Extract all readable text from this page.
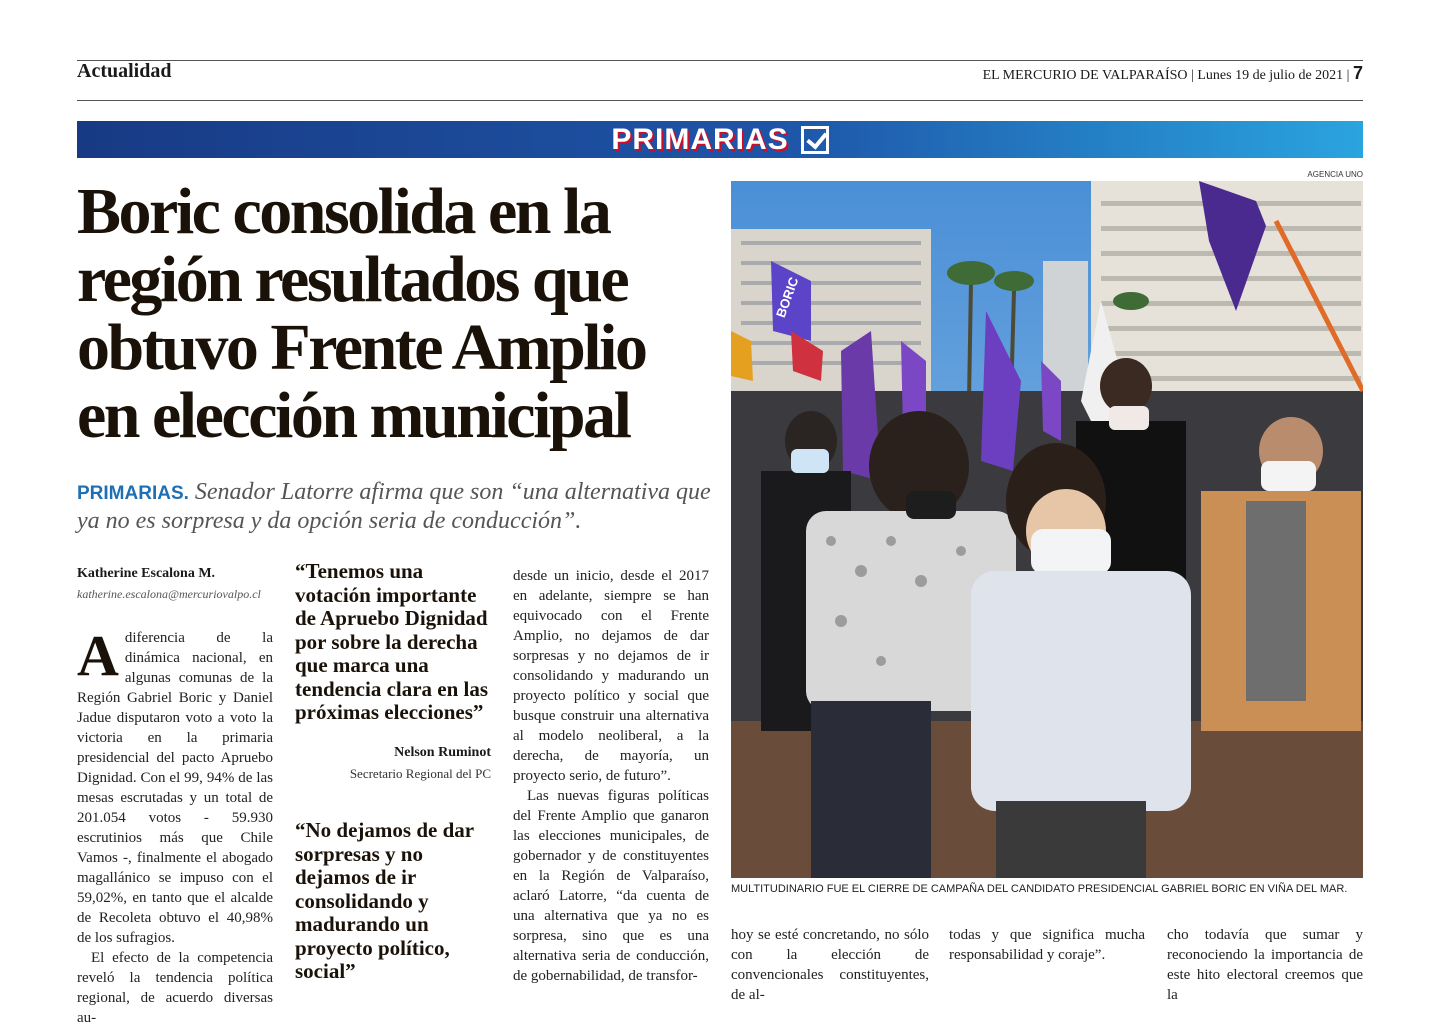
Actualidad	EL MERCURIO DE VALPARAÍSO | Lunes 19 de julio de 2021 | 7
PRIMARIAS
Boric consolida en la región resultados que obtuvo Frente Amplio en elección municipal

PRIMARIAS. Senador Latorre afirma que son “una alternativa que ya no es sorpresa y da opción seria de conducción”.

Katherine Escalona M.
katherine.escalona@mercuriovalpo.cl

Adiferencia de la dinámica nacional, en algunas comunas de la Región Gabriel Boric y Daniel Jadue disputaron voto a voto la victoria en la primaria presidencial del pacto Apruebo Dignidad. Con el 99, 94% de las mesas escrutadas y un total de 201.054 votos - 59.930 escrutinios más que Chile Vamos -, finalmente el abogado magallánico se impuso con el 59,02%, en tanto que el alcalde de Recoleta obtuvo el 40,98% de los sufragios.

El efecto de la competencia reveló la tendencia política regional, de acuerdo diversas au-

“Tenemos una votación importante de Apruebo Dignidad por sobre la derecha que marca una tendencia clara en las próximas elecciones”

Nelson Ruminot
Secretario Regional del PC

“No dejamos de dar sorpresas y no dejamos de ir consolidando y madurando un proyecto político, social”

desde un inicio, desde el 2017 en adelante, siempre se han equivocado con el Frente Amplio, no dejamos de dar sorpresas y no dejamos de ir consolidando y madurando un proyecto político y social que busque construir una alternativa al modelo neoliberal, a la derecha, de mayoría, un proyecto serio, de futuro”.

Las nuevas figuras políticas del Frente Amplio que ganaron las elecciones municipales, de gobernador y de constituyentes en la Región de Valparaíso, aclaró Latorre, “da cuenta de una alternativa que ya no es sorpresa, sino que es una alternativa seria de conducción, de gobernabilidad, de transfor-

AGENCIA UNO
BORIC
MULTITUDINARIO FUE EL CIERRE DE CAMPAÑA DEL CANDIDATO PRESIDENCIAL GABRIEL BORIC EN VIÑA DEL MAR.
hoy se esté concretando, no sólo con la elección de convencionales constituyentes, de al-
todas y que significa mucha responsabilidad y coraje”.
cho todavía que sumar y reconociendo la importancia de este hito electoral creemos que la
